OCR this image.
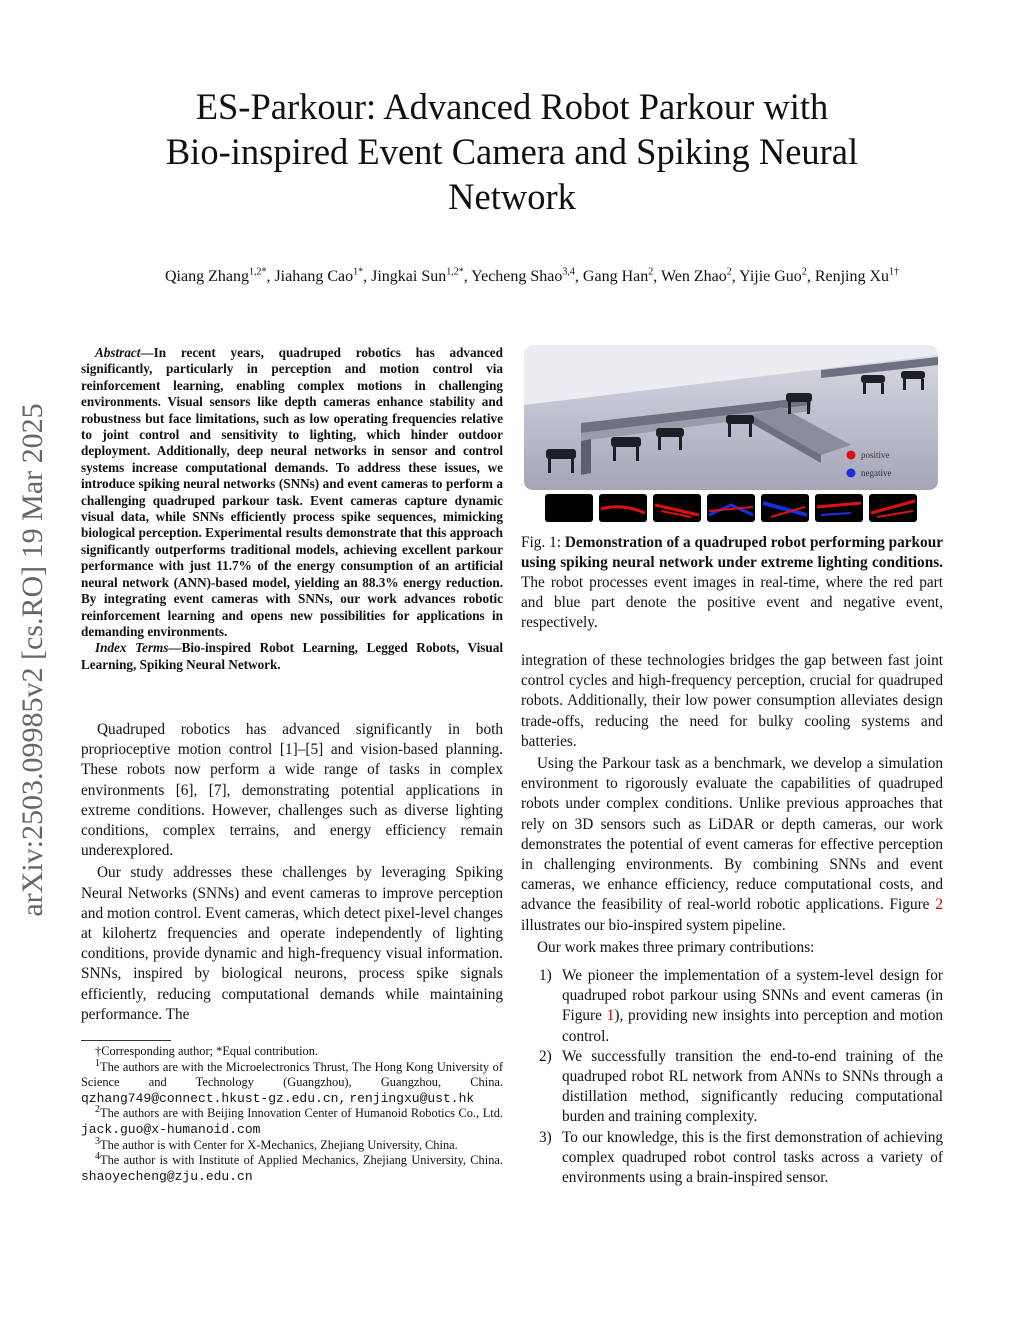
ES-Parkour: Advanced Robot Parkour with
Bio-inspired Event Camera and Spiking Neural
Network
Qiang Zhang$^{1,2*}$, Jiahang Cao$^{1*}$, Jingkai Sun$^{1,2*}$, Yecheng Shao$^{3,4}$, Gang Han$^2$, Wen Zhao$^2$, Yijie Guo$^2$, Renjing $Xu^{1\dagger}$
arXiv:2503.09985v2 [cs.RO] 19 Mar 2025

Abstract—In recent years, quadruped robotics has advanced significantly, particularly in perception and motion control via reinforcement learning, enabling complex motions in challenging environments. Visual sensors like depth cameras enhance stability and robustness but face limitations, such as low operating frequencies relative to joint control and sensitivity to lighting, which hinder outdoor deployment. Additionally, deep neural networks in sensor and control systems increase computational demands. To address these issues, we introduce spiking neural networks (SNNs) and event cameras to perform a challenging quadruped parkour task. Event cameras capture dynamic visual data, while SNNs efficiently process spike sequences, mimicking biological perception. Experimental results demonstrate that this approach significantly outperforms traditional models, achieving excellent parkour performance with just 11.7% of the energy consumption of an artificial neural network (ANN)-based model, yielding an 88.3% energy reduction. By integrating event cameras with SNNs, our work advances robotic reinforcement learning and opens new possibilities for applications in demanding environments.

Index Terms—Bio-inspired Robot Learning, Legged Robots, Visual Learning, Spiking Neural Network.

Quadruped robotics has advanced significantly in both proprioceptive motion control [1]–[5] and vision-based planning. These robots now perform a wide range of tasks in complex environments [6], [7], demonstrating potential applications in extreme conditions. However, challenges such as diverse lighting conditions, complex terrains, and energy efficiency remain underexplored.

Our study addresses these challenges by leveraging Spiking Neural Networks (SNNs) and event cameras to improve perception and motion control. Event cameras, which detect pixel-level changes at kilohertz frequencies and operate independently of lighting conditions, provide dynamic and high-frequency visual information. SNNs, inspired by biological neurons, process spike signals efficiently, reducing computational demands while maintaining performance. The

positive
negative
Fig. 1: Demonstration of a quadruped robot performing parkour using spiking neural network under extreme lighting conditions. The robot processes event images in real-time, where the red part and blue part denote the positive event and negative event, respectively.

integration of these technologies bridges the gap between fast joint control cycles and high-frequency perception, crucial for quadruped robots. Additionally, their low power consumption alleviates design trade-offs, reducing the need for bulky cooling systems and batteries.

Using the Parkour task as a benchmark, we develop a simulation environment to rigorously evaluate the capabilities of quadruped robots under complex conditions. Unlike previous approaches that rely on 3D sensors such as LiDAR or depth cameras, our work demonstrates the potential of event cameras for effective perception in challenging environments. By combining SNNs and event cameras, we enhance efficiency, reduce computational costs, and advance the feasibility of real-world robotic applications. Figure 2 illustrates our bio-inspired system pipeline.

Our work makes three primary contributions:

1) We pioneer the implementation of a system-level design for quadruped robot parkour using SNNs and event cameras (in Figure 1), providing new insights into perception and motion control.
2) We successfully transition the end-to-end training of the quadruped robot RL network from ANNs to SNNs through a distillation method, significantly reducing computational burden and training complexity.
3) To our knowledge, this is the first demonstration of achieving complex quadruped robot control tasks across a variety of environments using a brain-inspired sensor.

†Corresponding author; *Equal contribution.

$^1$The authors are with the Microelectronics Thrust, The Hong Kong University of Science and Technology (Guangzhou), Guangzhou, China. qzhang749@connect.hkust-gz.edu.cn, renjingxu@ust.hk

$^2$The authors are with Beijing Innovation Center of Humanoid Robotics Co., Ltd. jack.guo@x-humanoid.com

$^3$The author is with Center for X-Mechanics, Zhejiang University, China.

$^4$The author is with Institute of Applied Mechanics, Zhejiang University, China. shaoyecheng@zju.edu.cn
